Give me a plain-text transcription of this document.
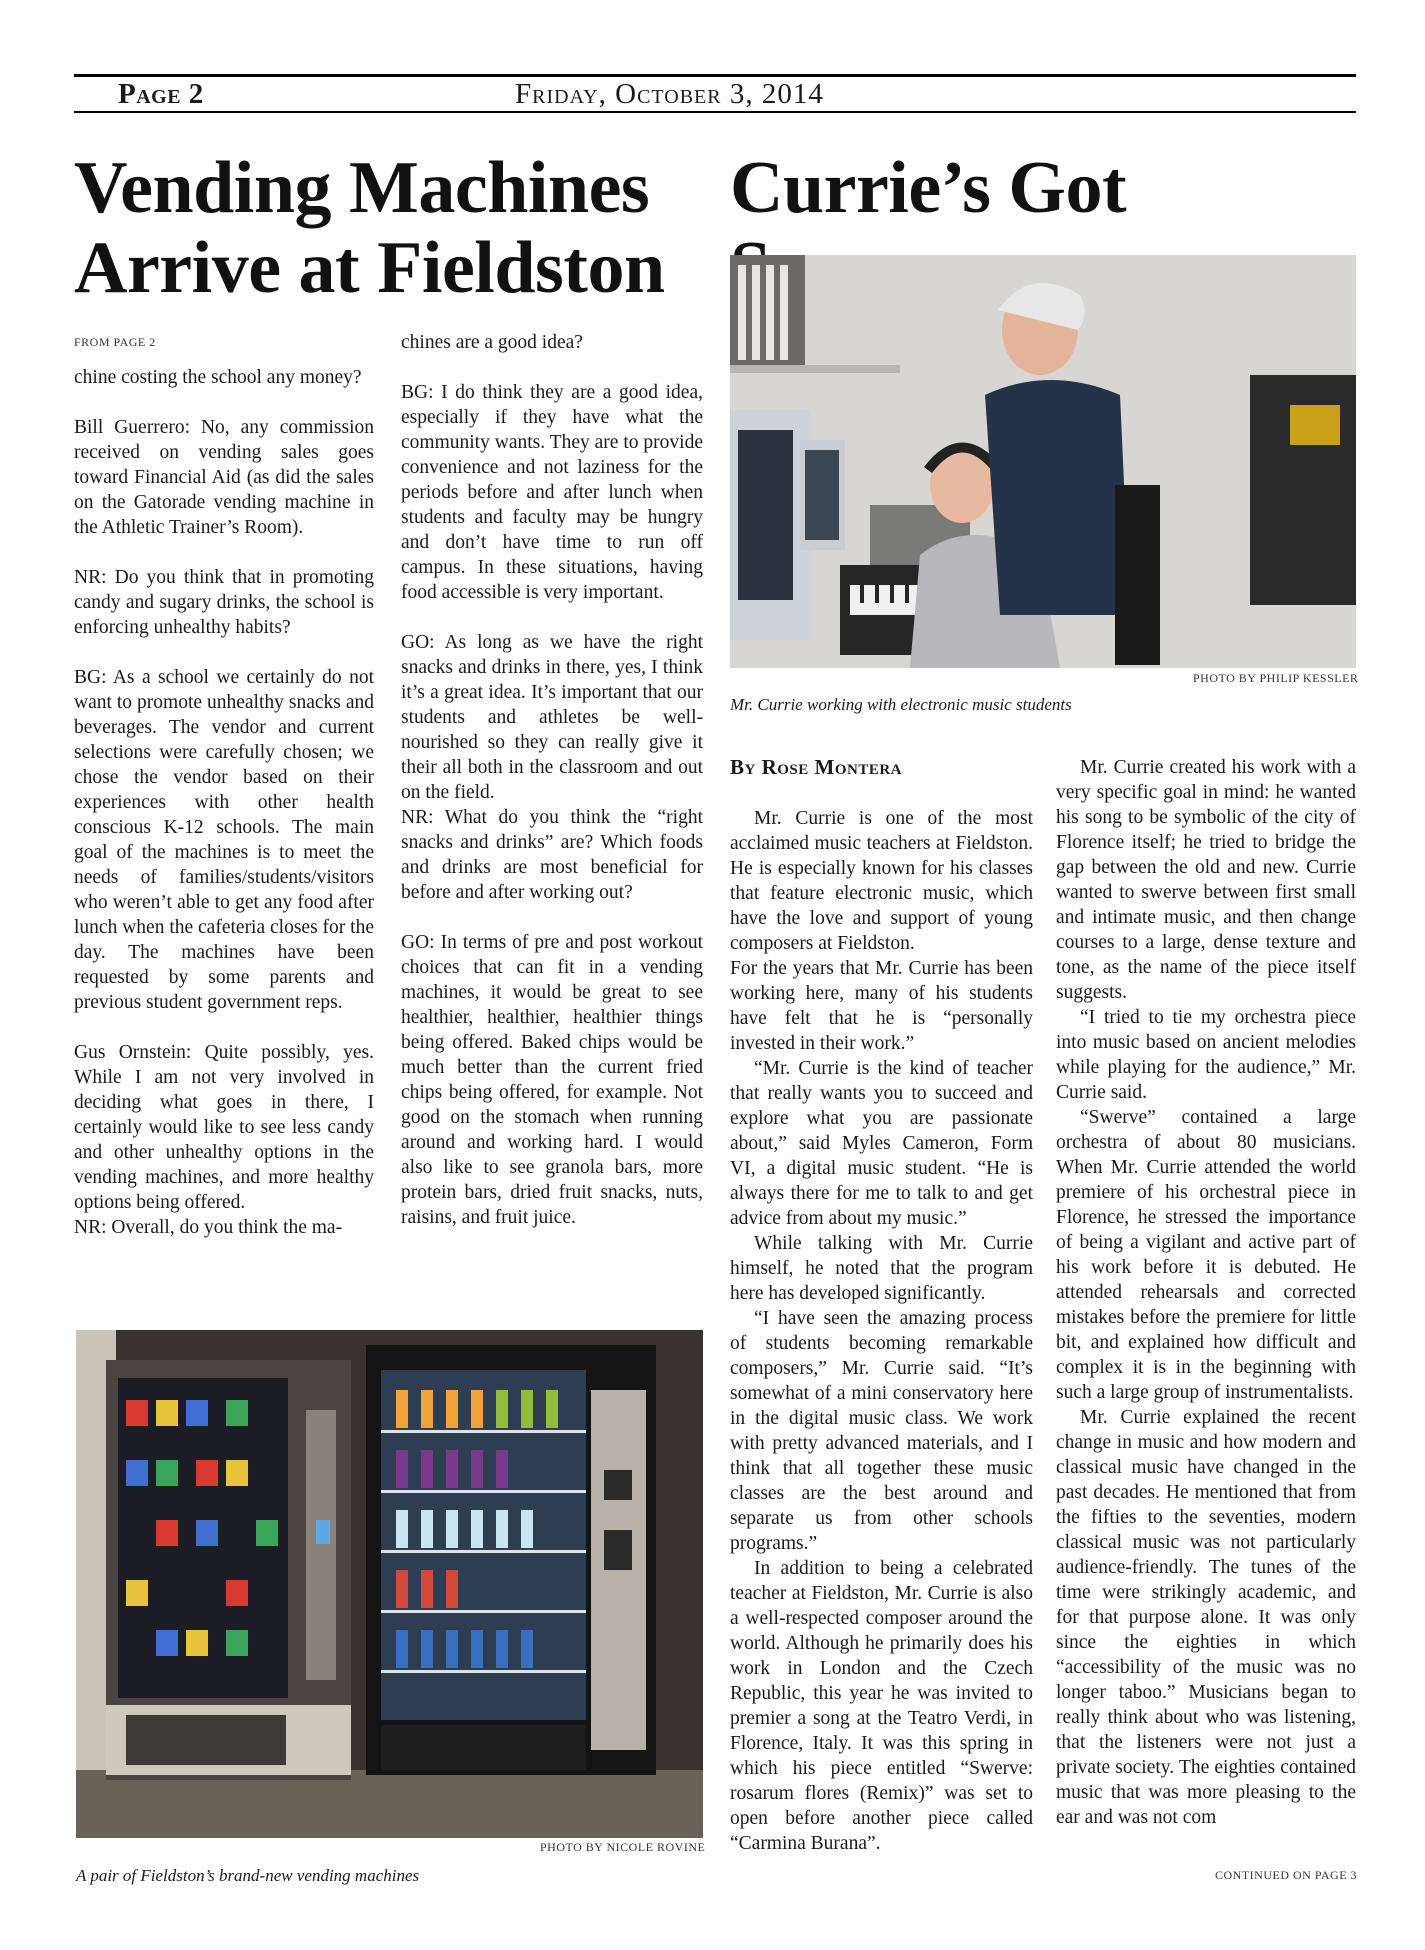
Page 2	Friday, October 3, 2014
Vending Machines
Arrive at Fieldston
FROM PAGE 2

chine costing the school any money?

Bill Guerrero: No, any commission received on vending sales goes toward Financial Aid (as did the sales on the Gatorade vending machine in the Athletic Trainer’s Room).

NR: Do you think that in promoting candy and sugary drinks, the school is enforcing unhealthy habits?

BG: As a school we certainly do not want to promote unhealthy snacks and beverages. The vendor and current selections were carefully chosen; we chose the vendor based on their experiences with other health conscious K-12 schools. The main goal of the machines is to meet the needs of families/students/visitors who weren’t able to get any food after lunch when the cafeteria closes for the day. The machines have been requested by some parents and previous student government reps.

Gus Ornstein: Quite possibly, yes. While I am not very involved in deciding what goes in there, I certainly would like to see less candy and other unhealthy options in the vending machines, and more healthy options being offered.

NR: Overall, do you think the ma-

chines are a good idea?

BG: I do think they are a good idea, especially if they have what the community wants. They are to provide convenience and not laziness for the periods before and after lunch when students and faculty may be hungry and don’t have time to run off campus. In these situations, having food accessible is very important.

GO: As long as we have the right snacks and drinks in there, yes, I think it’s a great idea. It’s important that our students and athletes be well-nourished so they can really give it their all both in the classroom and out on the field.

NR: What do you think the “right snacks and drinks” are? Which foods and drinks are most beneficial for before and after working out?

GO: In terms of pre and post workout choices that can fit in a vending machines, it would be great to see healthier, healthier, healthier things being offered. Baked chips would be much better than the current fried chips being offered, for example. Not good on the stomach when running around and working hard. I would also like to see granola bars, more protein bars, dried fruit snacks, nuts, raisins, and fruit juice.

PHOTO BY NICOLE ROVINE
A pair of Fieldston’s brand-new vending machines
Currie’s Got
PHOTO BY PHILIP KESSLER
Mr. Currie working with electronic music students
By Rose Montera

Mr. Currie is one of the most acclaimed music teachers at Fieldston. He is especially known for his classes that feature electronic music, which have the love and support of young composers at Fieldston.

For the years that Mr. Currie has been working here, many of his students have felt that he is “personally invested in their work.”

“Mr. Currie is the kind of teacher that really wants you to succeed and explore what you are passionate about,” said Myles Cameron, Form VI, a digital music student. “He is always there for me to talk to and get advice from about my music.”

While talking with Mr. Currie himself, he noted that the program here has developed significantly.

“I have seen the amazing process of students becoming remarkable composers,” Mr. Currie said. “It’s somewhat of a mini conservatory here in the digital music class. We work with pretty advanced materials, and I think that all together these music classes are the best around and separate us from other schools programs.”

In addition to being a celebrated teacher at Fieldston, Mr. Currie is also a well-respected composer around the world. Although he primarily does his work in London and the Czech Republic, this year he was invited to premier a song at the Teatro Verdi, in Florence, Italy. It was this spring in which his piece entitled “Swerve: rosarum flores (Remix)” was set to open before another piece called “Carmina Burana”.

Mr. Currie created his work with a very specific goal in mind: he wanted his song to be symbolic of the city of Florence itself; he tried to bridge the gap between the old and new. Currie wanted to swerve between first small and intimate music, and then change courses to a large, dense texture and tone, as the name of the piece itself suggests.

“I tried to tie my orchestra piece into music based on ancient melodies while playing for the audience,” Mr. Currie said.

“Swerve” contained a large orchestra of about 80 musicians. When Mr. Currie attended the world premiere of his orchestral piece in Florence, he stressed the importance of being a vigilant and active part of his work before it is debuted. He attended rehearsals and corrected mistakes before the premiere for little bit, and explained how difficult and complex it is in the beginning with such a large group of instrumentalists.

Mr. Currie explained the recent change in music and how modern and classical music have changed in the past decades. He mentioned that from the fifties to the seventies, modern classical music was not particularly audience-friendly. The tunes of the time were strikingly academic, and for that purpose alone. It was only since the eighties in which “accessibility of the music was no longer taboo.” Musicians began to really think about who was listening, that the listeners were not just a private society. The eighties contained music that was more pleasing to the ear and was not com

CONTINUED ON PAGE 3
